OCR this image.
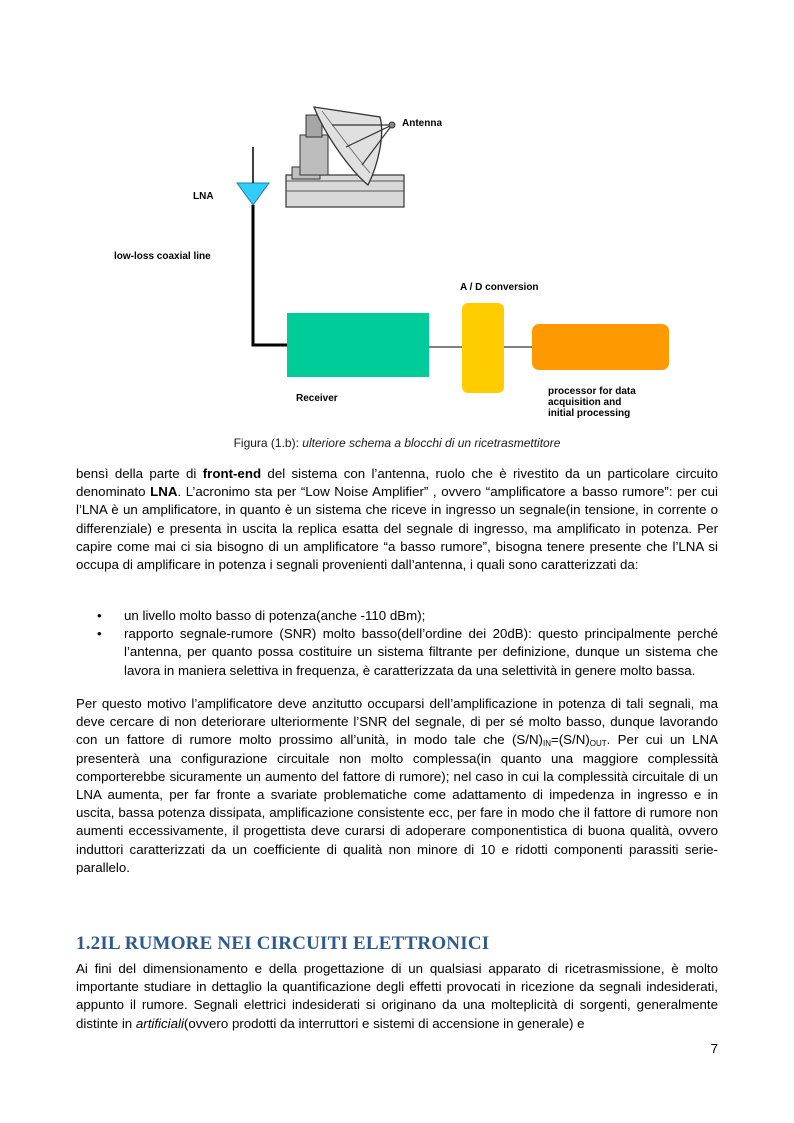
Antenna
LNA
low-loss coaxial line
Receiver
A / D conversion
processor for data
acquisition and
initial processing
Figura (1.b): ulteriore schema a blocchi di un ricetrasmettitore
bensì della parte di front-end del sistema con l’antenna, ruolo che è rivestito da un particolare circuito denominato LNA. L’acronimo sta per “Low Noise Amplifier” , ovvero “amplificatore a basso rumore”: per cui l’LNA è un amplificatore, in quanto è un sistema che riceve in ingresso un segnale(in tensione, in corrente o differenziale) e presenta in uscita la replica esatta del segnale di ingresso, ma amplificato in potenza. Per capire come mai ci sia bisogno di un amplificatore “a basso rumore”, bisogna tenere presente che l’LNA si occupa di amplificare in potenza i segnali provenienti dall’antenna, i quali sono caratterizzati da:
• un livello molto basso di potenza(anche -110 dBm);
• rapporto segnale-rumore (SNR) molto basso(dell’ordine dei 20dB): questo principalmente perché l’antenna, per quanto possa costituire un sistema filtrante per definizione, dunque un sistema che lavora in maniera selettiva in frequenza, è caratterizzata da una selettività in genere molto bassa.
Per questo motivo l’amplificatore deve anzitutto occuparsi dell’amplificazione in potenza di tali segnali, ma deve cercare di non deteriorare ulteriormente l’SNR del segnale, di per sé molto basso, dunque lavorando con un fattore di rumore molto prossimo all’unità, in modo tale che $(S/N)_{IN}=(S/N)_{OUT}$. Per cui un LNA presenterà una configurazione circuitale non molto complessa(in quanto una maggiore complessità comporterebbe sicuramente un aumento del fattore di rumore); nel caso in cui la complessità circuitale di un LNA aumenta, per far fronte a svariate problematiche come adattamento di impedenza in ingresso e in uscita, bassa potenza dissipata, amplificazione consistente ecc, per fare in modo che il fattore di rumore non aumenti eccessivamente, il progettista deve curarsi di adoperare componentistica di buona qualità, ovvero induttori caratterizzati da un coefficiente di qualità non minore di 10 e ridotti componenti parassiti serie-parallelo.
1.2IL RUMORE NEI CIRCUITI ELETTRONICI
Ai fini del dimensionamento e della progettazione di un qualsiasi apparato di ricetrasmissione, è molto importante studiare in dettaglio la quantificazione degli effetti provocati in ricezione da segnali indesiderati, appunto il rumore. Segnali elettrici indesiderati si originano da una molteplicità di sorgenti, generalmente distinte in artificiali(ovvero prodotti da interruttori e sistemi di accensione in generale) e
7
